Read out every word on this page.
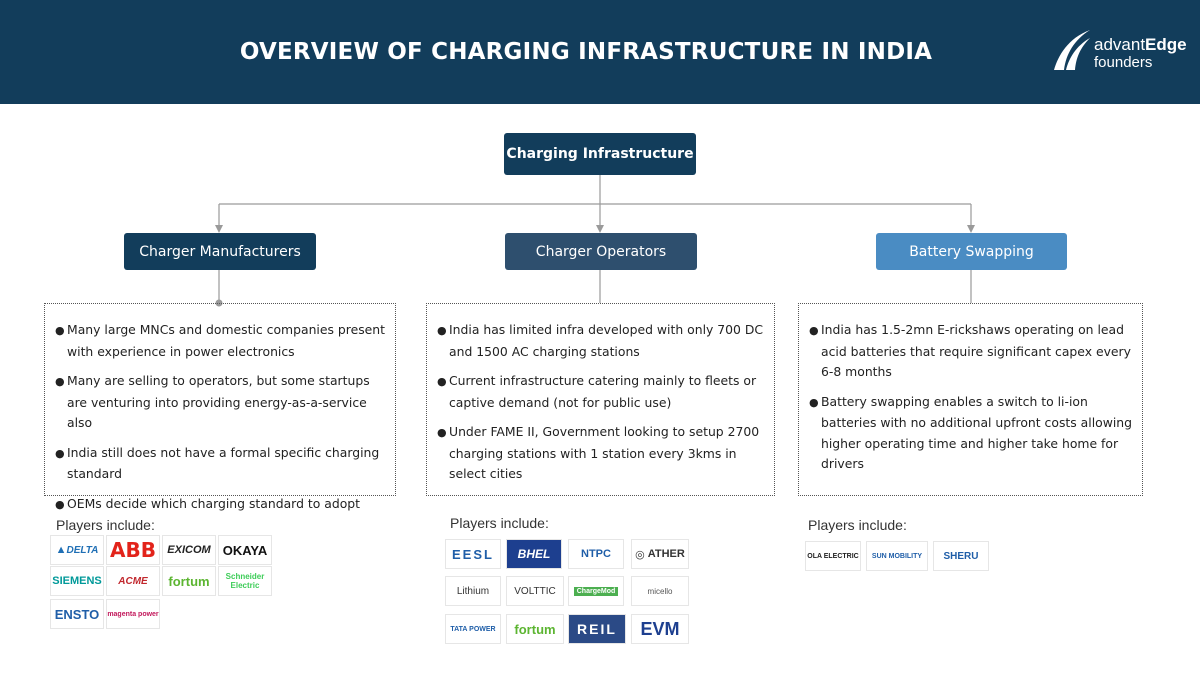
OVERVIEW OF CHARGING INFRASTRUCTURE IN INDIA	advantEdge
founders
Charging Infrastructure
Charger Manufacturers	Charger Operators	Battery Swapping
● Many large MNCs and domestic companies present with experience in power electronics
● Many are selling to operators, but some startups are venturing into providing energy-as-a-service also
● India still does not have a formal specific charging standard
● OEMs decide which charging standard to adopt
● India has limited infra developed with only 700 DC and 1500 AC charging stations
● Current infrastructure catering mainly to fleets or captive demand (not for public use)
● Under FAME II, Government looking to setup 2700 charging stations with 1 station every 3kms in select cities
● India has 1.5-2mn E-rickshaws operating on lead acid batteries that require significant capex every 6-8 months
● Battery swapping enables a switch to li-ion batteries with no additional upfront costs allowing higher operating time and higher take home for drivers
Players include:	Players include:	Players include:
▲ DELTA ABB	EXICOM OKAYA
SIEMENS	ACME	fortum	Schneider Electric
ENSTO	magenta power
EESL	BHEL	NTPC	◎ ATHER
Lithium	VOLTTIC	ChargeMod	micello
TATA POWER	fortum	REIL	EVM
OLA ELECTRIC	SUN MOBILITY	SHERU
